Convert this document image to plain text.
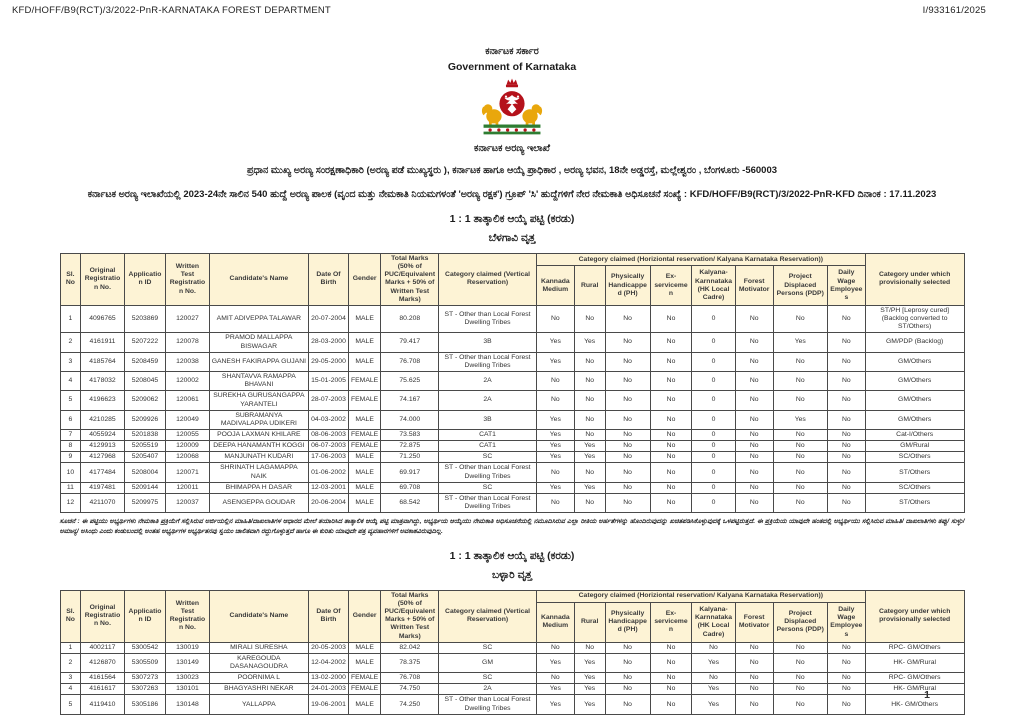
KFD/HOFF/B9(RCT)/3/2022-PnR-KARNATAKA FOREST DEPARTMENT	I/933161/2025
ಕರ್ನಾಟಕ ಸರ್ಕಾರ
Government of Karnataka
ಕರ್ನಾಟಕ ಅರಣ್ಯ ಇಲಾಖೆ
ಪ್ರಧಾನ ಮುಖ್ಯ ಅರಣ್ಯ ಸಂರಕ್ಷಣಾಧಿಕಾರಿ (ಅರಣ್ಯ ಪಡೆ ಮುಖ್ಯಸ್ಥರು ), ಕರ್ನಾಟಕ ಹಾಗೂ ಆಯ್ಕೆ ಪ್ರಾಧಿಕಾರ , ಅರಣ್ಯ ಭವನ, 18ನೇ ಅಡ್ಡರಸ್ತೆ, ಮಲ್ಲೇಶ್ವರಂ , ಬೆಂಗಳೂರು -560003
ಕರ್ನಾಟಕ ಅರಣ್ಯ ಇಲಾಖೆಯಲ್ಲಿ 2023-24ನೇ ಸಾಲಿನ 540 ಹುದ್ದೆ ಅರಣ್ಯ ಪಾಲಕ (ವೃಂದ ಮತ್ತು ನೇಮಕಾತಿ ನಿಯಮಗಳಂತೆ 'ಅರಣ್ಯ ರಕ್ಷಕ') ಗ್ರೂಪ್ 'ಸಿ' ಹುದ್ದೆಗಳಿಗೆ ನೇರ ನೇಮಕಾತಿ ಅಧಿಸೂಚನೆ ಸಂಖ್ಯೆ : KFD/HOFF/B9(RCT)/3/2022-PnR-KFD ದಿನಾಂಕ : 17.11.2023
1 : 1 ತಾತ್ಕಾಲಿಕ ಆಯ್ಕೆ ಪಟ್ಟಿ (ಕರಡು)
ಬೆಳಗಾವಿ ವೃತ್ತ
Sl. No	Original Registration No.	Application ID	Written Test Registration No.	Candidate's Name	Date Of Birth	Gender	Total Marks (50% of PUC/Equivalent Marks + 50% of Written Test Marks)	Category claimed (Vertical Reservation)	Category claimed (Horiziontal reservation/ Kalyana Karnataka Reservation))								Category under which provisionally selected
									Kannada Medium	Rural	Physically Handicapped (PH)	Ex-servicemen	Kalyana- Karnnataka (HK Local Cadre)	Forest Motivator	Project Displaced Persons (PDP)	Daily Wage Employees	
1	4096765	5203869	120027	AMIT ADIVEPPA TALAWAR	20-07-2004	MALE	80.208	ST - Other than Local Forest Dwelling Tribes	No	No	No	No	0	No	No	No	ST/PH [Leprosy cured] (Backlog converted to ST/Others)
2	4161911	5207222	120078	PRAMOD MALLAPPA BISWAGAR	28-03-2000	MALE	79.417	3B	Yes	Yes	No	No	0	No	Yes	No	GM/PDP (Backlog)
3	4185764	5208459	120038	GANESH FAKIRAPPA GUJANI	29-05-2000	MALE	76.708	ST - Other than Local Forest Dwelling Tribes	Yes	No	No	No	0	No	No	No	GM/Others
4	4178032	5208045	120002	SHANTAVVA RAMAPPA BHAVANI	15-01-2005	FEMALE	75.625	2A	No	No	No	No	0	No	No	No	GM/Others
5	4196623	5209062	120061	SUREKHA GURUSANGAPPA YARANTELI	28-07-2003	FEMALE	74.167	2A	No	No	No	No	0	No	No	No	GM/Others
6	4210285	5209926	120049	SUBRAMANYA MADIVALAPPA UDIKERI	04-03-2002	MALE	74.000	3B	Yes	No	No	No	0	No	Yes	No	GM/Others
7	4055924	5201838	120055	POOJA LAXMAN KHILARE	08-06-2003	FEMALE	73.583	CAT1	Yes	No	No	No	0	No	No	No	Cat-I/Others
8	4129913	5205519	120009	DEEPA HANAMANTH KOGGI	06-07-2003	FEMALE	72.875	CAT1	Yes	Yes	No	No	0	No	No	No	GM/Rural
9	4127968	5205407	120068	MANJUNATH KUDARI	17-06-2003	MALE	71.250	SC	Yes	Yes	No	No	0	No	No	No	SC/Others
10	4177484	5208004	120071	SHRINATH LAGAMAPPA NAIK	01-06-2002	MALE	69.917	ST - Other than Local Forest Dwelling Tribes	No	No	No	No	0	No	No	No	ST/Others
11	4197481	5209144	120011	BHIMAPPA H DASAR	12-03-2001	MALE	69.708	SC	Yes	Yes	No	No	0	No	No	No	SC/Others
12	4211070	5209975	120037	ASENGEPPA GOUDAR	20-06-2004	MALE	68.542	ST - Other than Local Forest Dwelling Tribes	No	No	No	No	0	No	No	No	ST/Others
ಸೂಚನೆ : ಈ ಪಟ್ಟಿಯು ಅಭ್ಯರ್ಥಿಗಳು ನೇಮಕಾತಿ ಪ್ರಕ್ರಿಯೆಗೆ ಸಲ್ಲಿಸಿರುವ ಅರ್ಜಿಯಲ್ಲಿನ ಮಾಹಿತಿ/ದಾಖಲಾತಿಗಳ ಆಧಾರದ ಮೇಲೆ ತಯಾರಿಸಿದ ತಾತ್ಕಾಲಿಕ ಆಯ್ಕೆ ಪಟ್ಟಿ ಮಾತ್ರವಾಗಿದ್ದು, ಅಭ್ಯರ್ಥಿಯ ಆಯ್ಕೆಯು ನೇಮಕಾತಿ ಅಧಿಸೂಚನೆಯಲ್ಲಿ ನಮೂದಿಸಿರುವ ಎಲ್ಲಾ ರೀತಿಯ ಅರ್ಹತೆಗಳನ್ನು ಹೊಂದಿರುವುದನ್ನು ಖಚಿತಪಡಿಸಿಕೊಳ್ಳುವುದಕ್ಕೆ ಒಳಪಟ್ಟಿರುತ್ತದೆ. ಈ ಪ್ರಕ್ರಿಯೆಯ ಯಾವುದೇ ಹಂತದಲ್ಲಿ ಅಭ್ಯರ್ಥಿಯು ಸಲ್ಲಿಸಿರುವ ಮಾಹಿತಿ/ ದಾಖಲಾತಿಗಳು ತಪ್ಪು/ ಸುಳ್ಳು/ ಅಮಾನ್ಯ/ ಅಸಿಂಧು ಎಂದು ಕಂಡುಬಂದಲ್ಲಿ ಅಂತಹ ಅಭ್ಯರ್ಥಿಗಳ ಅಭ್ಯರ್ಥಿತನವು ಸ್ವಯಂ ಚಾಲಿತವಾಗಿ ರದ್ದುಗೊಳ್ಳುತ್ತದೆ ಹಾಗೂ ಈ ಕುರಿತು ಯಾವುದೇ ಪತ್ರ ವ್ಯವಹಾರಗಳಿಗೆ ಅವಕಾಶವಿರುವುದಿಲ್ಲ.
1 : 1 ತಾತ್ಕಾಲಿಕ ಆಯ್ಕೆ ಪಟ್ಟಿ (ಕರಡು)
ಬಳ್ಳಾರಿ ವೃತ್ತ
Sl. No	Original Registration No.	Application ID	Written Test Registration No.	Candidate's Name	Date Of Birth	Gender	Total Marks (50% of PUC/Equivalent Marks + 50% of Written Test Marks)	Category claimed (Vertical Reservation)	Category claimed (Horiziontal reservation/ Kalyana Karnataka Reservation))								Category under which provisionally selected
									Kannada Medium	Rural	Physically Handicapped (PH)	Ex-servicemen	Kalyana- Karnnataka (HK Local Cadre)	Forest Motivator	Project Displaced Persons (PDP)	Daily Wage Employees	
1	4002117	5300542	130019	MIRALI SURESHA	20-05-2003	MALE	82.042	SC	No	No	No	No	No	No	No	No	RPC- GM/Others
2	4126870	5305509	130149	KAREGOUDA DASANAGOUDRA	12-04-2002	MALE	78.375	GM	Yes	Yes	No	No	Yes	No	No	No	HK- GM/Rural
3	4161564	5307273	130023	POORNIMA L	13-02-2000	FEMALE	76.708	SC	No	Yes	No	No	No	No	No	No	RPC- GM/Others
4	4161617	5307263	130101	BHAGYASHRI NEKAR	24-01-2003	FEMALE	74.750	2A	Yes	Yes	No	No	Yes	No	No	No	HK- GM/Rural
5	4119410	5305186	130148	YALLAPPA	19-06-2001	MALE	74.250	ST - Other than Local Forest Dwelling Tribes	Yes	Yes	No	No	Yes	No	No	No	HK- GM/Others
1
